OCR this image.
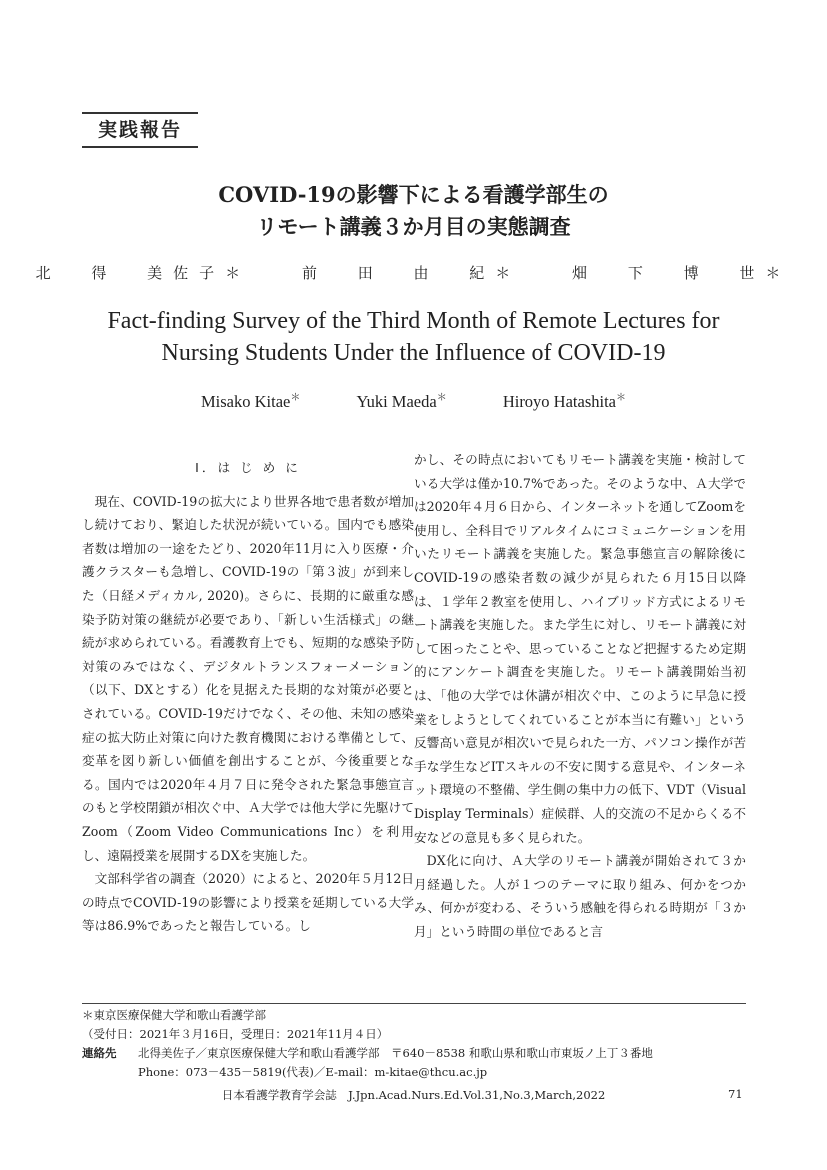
実践報告
COVID-19の影響下による看護学部生の
リモート講義３か月目の実態調査
北 得 美佐子＊	前 田 由 紀＊	畑 下 博 世＊
Fact-finding Survey of the Third Month of Remote Lectures for
Nursing Students Under the Influence of COVID-19
Misako Kitae＊	Yuki Maeda＊	Hiroyo Hatashita＊

Ⅰ．は じ め に

現在、COVID-19の拡大により世界各地で患者数が増加し続けており、緊迫した状況が続いている。国内でも感染者数は増加の一途をたどり、2020年11月に入り医療・介護クラスターも急増し、COVID-19の「第３波」が到来した（日経メディカル, 2020)。さらに、長期的に厳重な感染予防対策の継続が必要であり、「新しい生活様式」の継続が求められている。看護教育上でも、短期的な感染予防対策のみではなく、デジタルトランスフォーメーション（以下、DXとする）化を見据えた長期的な対策が必要とされている。COVID-19だけでなく、その他、未知の感染症の拡大防止対策に向けた教育機関における準備として、変革を図り新しい価値を創出することが、今後重要となる。国内では2020年４月７日に発令された緊急事態宣言のもと学校閉鎖が相次ぐ中、Ａ大学では他大学に先駆けてZoom（Zoom Video Communications Inc）を利用し、遠隔授業を展開するDXを実施した。

文部科学省の調査（2020）によると、2020年５月12日の時点でCOVID-19の影響により授業を延期している大学等は86.9%であったと報告している。し

かし、その時点においてもリモート講義を実施・検討している大学は僅か10.7%であった。そのような中、Ａ大学では2020年４月６日から、インターネットを通してZoomを使用し、全科目でリアルタイムにコミュニケーションを用いたリモート講義を実施した。緊急事態宣言の解除後にCOVID-19の感染者数の減少が見られた６月15日以降は、１学年２教室を使用し、ハイブリッド方式によるリモート講義を実施した。また学生に対し、リモート講義に対して困ったことや、思っていることなど把握するため定期的にアンケート調査を実施した。リモート講義開始当初は、「他の大学では休講が相次ぐ中、このように早急に授業をしようとしてくれていることが本当に有難い」という反響高い意見が相次いで見られた一方、パソコン操作が苦手な学生などITスキルの不安に関する意見や、インターネット環境の不整備、学生側の集中力の低下、VDT（Visual Display Terminals）症候群、人的交流の不足からくる不安などの意見も多く見られた。

DX化に向け、Ａ大学のリモート講義が開始されて３か月経過した。人が１つのテーマに取り組み、何かをつかみ、何かが変わる、そういう感触を得られる時期が「３か月」という時間の単位であると言

＊東京医療保健大学和歌山看護学部
（受付日：2021年３月16日，受理日：2021年11月４日）
連絡先 北得美佐子／東京医療保健大学和歌山看護学部　〒640－8538 和歌山県和歌山市東坂ノ上丁３番地
Phone：073－435－5819(代表)／E-mail：m-kitae@thcu.ac.jp
日本看護学教育学会誌　J.Jpn.Acad.Nurs.Ed.Vol.31,No.3,March,2022	71
